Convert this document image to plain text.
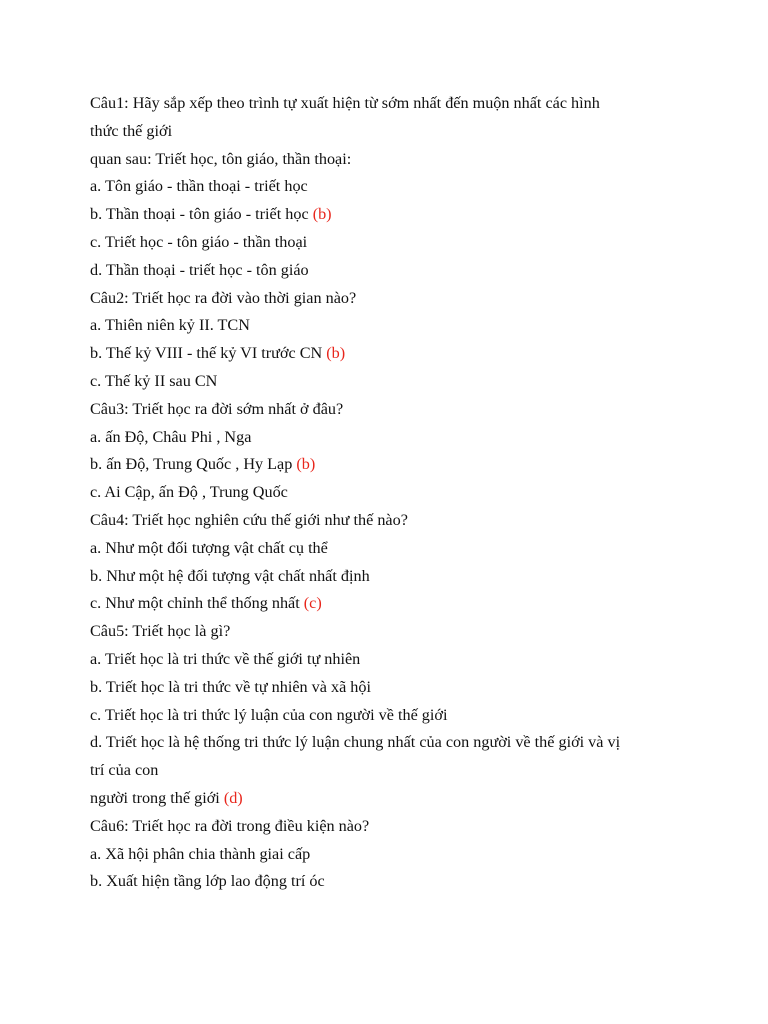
Câu1: Hãy sắp xếp theo trình tự xuất hiện từ sớm nhất đến muộn nhất các hình

thức thế giới

quan sau: Triết học, tôn giáo, thần thoại:

a. Tôn giáo - thần thoại - triết học

b. Thần thoại - tôn giáo - triết học (b)

c. Triết học - tôn giáo - thần thoại

d. Thần thoại - triết học - tôn giáo

Câu2: Triết học ra đời vào thời gian nào?

a. Thiên niên kỷ II. TCN

b. Thế kỷ VIII - thế kỷ VI trước CN (b)

c. Thế kỷ II sau CN

Câu3: Triết học ra đời sớm nhất ở đâu?

a. ấn Độ, Châu Phi , Nga

b. ấn Độ, Trung Quốc , Hy Lạp (b)

c. Ai Cập, ấn Độ , Trung Quốc

Câu4: Triết học nghiên cứu thế giới như thế nào?

a. Như một đối tượng vật chất cụ thể

b. Như một hệ đối tượng vật chất nhất định

c. Như một chỉnh thể thống nhất (c)

Câu5: Triết học là gì?

a. Triết học là tri thức về thế giới tự nhiên

b. Triết học là tri thức về tự nhiên và xã hội

c. Triết học là tri thức lý luận của con người về thế giới

d. Triết học là hệ thống tri thức lý luận chung nhất của con người về thế giới và vị

trí của con

người trong thế giới (d)

Câu6: Triết học ra đời trong điều kiện nào?

a. Xã hội phân chia thành giai cấp

b. Xuất hiện tầng lớp lao động trí óc
